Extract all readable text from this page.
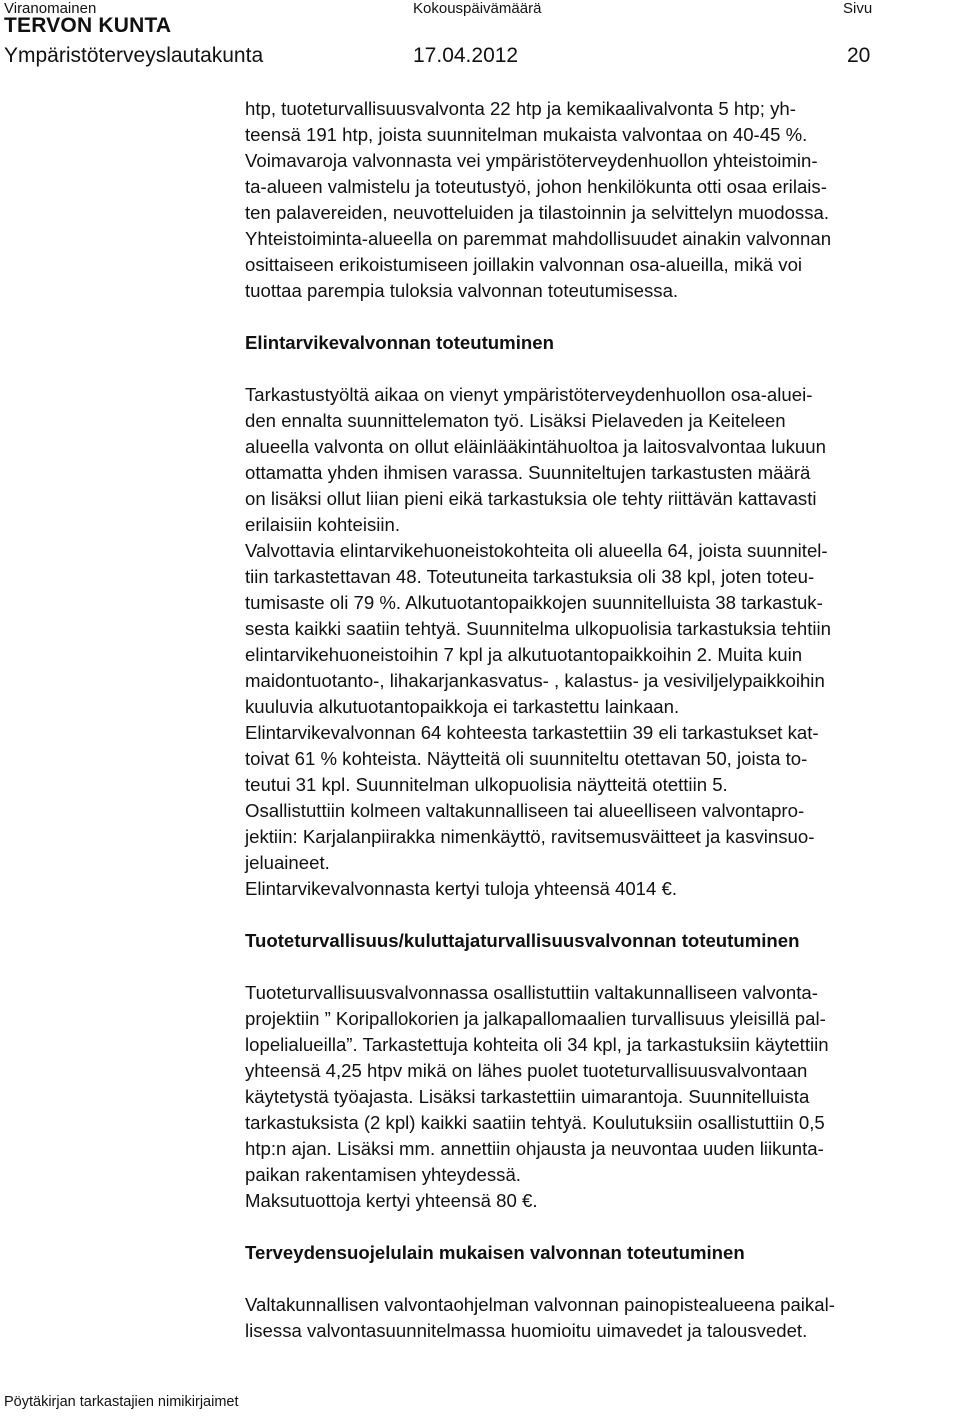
Viranomainen	Kokouspäivämäärä	Sivu
TERVON KUNTA
Ympäristöterveyslautakunta	17.04.2012	20

htp, tuoteturvallisuusvalvonta 22 htp ja kemikaalivalvonta 5 htp; yh-
teensä 191 htp, joista suunnitelman mukaista valvontaa on 40-45 %.
Voimavaroja valvonnasta vei ympäristöterveydenhuollon yhteistoimin-
ta-alueen valmistelu ja toteutustyö, johon henkilökunta otti osaa erilais-
ten palavereiden, neuvotteluiden ja tilastoinnin ja selvittelyn muodossa.
Yhteistoiminta-alueella on paremmat mahdollisuudet ainakin valvonnan
osittaiseen erikoistumiseen joillakin valvonnan osa-alueilla, mikä voi
tuottaa parempia tuloksia valvonnan toteutumisessa.

Elintarvikevalvonnan toteutuminen

Tarkastustyöltä aikaa on vienyt ympäristöterveydenhuollon osa-aluei-
den ennalta suunnittelematon työ. Lisäksi Pielaveden ja Keiteleen
alueella valvonta on ollut eläinlääkintähuoltoa ja laitosvalvontaa lukuun
ottamatta yhden ihmisen varassa. Suunniteltujen tarkastusten määrä
on lisäksi ollut liian pieni eikä tarkastuksia ole tehty riittävän kattavasti
erilaisiin kohteisiin.
Valvottavia elintarvikehuoneistokohteita oli alueella 64, joista suunnitel-
tiin tarkastettavan 48. Toteutuneita tarkastuksia oli 38 kpl, joten toteu-
tumisaste oli 79 %. Alkutuotantopaikkojen suunnitelluista 38 tarkastuk-
sesta kaikki saatiin tehtyä. Suunnitelma ulkopuolisia tarkastuksia tehtiin
elintarvikehuoneistoihin 7 kpl ja alkutuotantopaikkoihin 2. Muita kuin
maidontuotanto-, lihakarjankasvatus- , kalastus- ja vesiviljelypaikkoihin
kuuluvia alkutuotantopaikkoja ei tarkastettu lainkaan.
Elintarvikevalvonnan 64 kohteesta tarkastettiin 39 eli tarkastukset kat-
toivat 61 % kohteista. Näytteitä oli suunniteltu otettavan 50, joista to-
teutui 31 kpl. Suunnitelman ulkopuolisia näytteitä otettiin 5.
Osallistuttiin kolmeen valtakunnalliseen tai alueelliseen valvontapro-
jektiin: Karjalanpiirakka nimenkäyttö, ravitsemusväitteet ja kasvinsuo-
jeluaineet.
Elintarvikevalvonnasta kertyi tuloja yhteensä 4014 €.

Tuoteturvallisuus/kuluttajaturvallisuusvalvonnan toteutuminen

Tuoteturvallisuusvalvonnassa osallistuttiin valtakunnalliseen valvonta-
projektiin ” Koripallokorien ja jalkapallomaalien turvallisuus yleisillä pal-
lopelialueilla”. Tarkastettuja kohteita oli 34 kpl, ja tarkastuksiin käytettiin
yhteensä 4,25 htpv mikä on lähes puolet tuoteturvallisuusvalvontaan
käytetystä työajasta. Lisäksi tarkastettiin uimarantoja. Suunnitelluista
tarkastuksista (2 kpl) kaikki saatiin tehtyä. Koulutuksiin osallistuttiin 0,5
htp:n ajan. Lisäksi mm. annettiin ohjausta ja neuvontaa uuden liikunta-
paikan rakentamisen yhteydessä.
Maksutuottoja kertyi yhteensä 80 €.

Terveydensuojelulain mukaisen valvonnan toteutuminen

Valtakunnallisen valvontaohjelman valvonnan painopistealueena paikal-
lisessa valvontasuunnitelmassa huomioitu uimavedet ja talousvedet.

Pöytäkirjan tarkastajien nimikirjaimet
